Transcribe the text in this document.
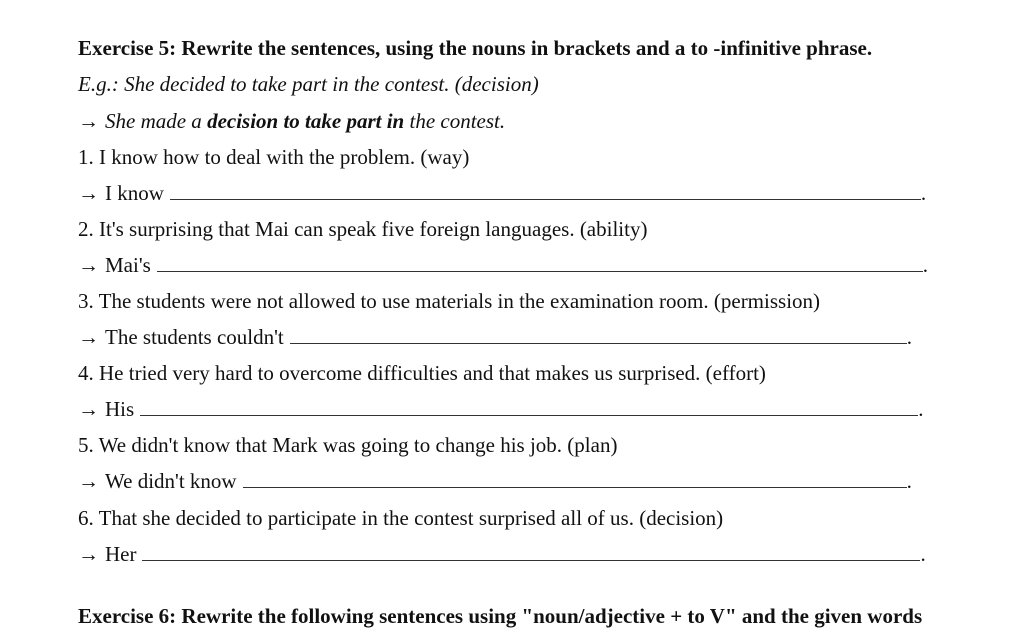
Exercise 5: Rewrite the sentences, using the nouns in brackets and a to -infinitive phrase.
E.g.: She decided to take part in the contest. (decision)
→ She made a decision to take part in the contest.
1. I know how to deal with the problem. (way)
→ I know	.
2. It's surprising that Mai can speak five foreign languages. (ability)
→ Mai's	.
3. The students were not allowed to use materials in the examination room. (permission)
→ The students couldn't	.
4. He tried very hard to overcome difficulties and that makes us surprised. (effort)
→ His	.
5. We didn't know that Mark was going to change his job. (plan)
→ We didn't know	.
6. That she decided to participate in the contest surprised all of us. (decision)
→ Her	.
Exercise 6: Rewrite the following sentences using "noun/adjective + to V" and the given words
